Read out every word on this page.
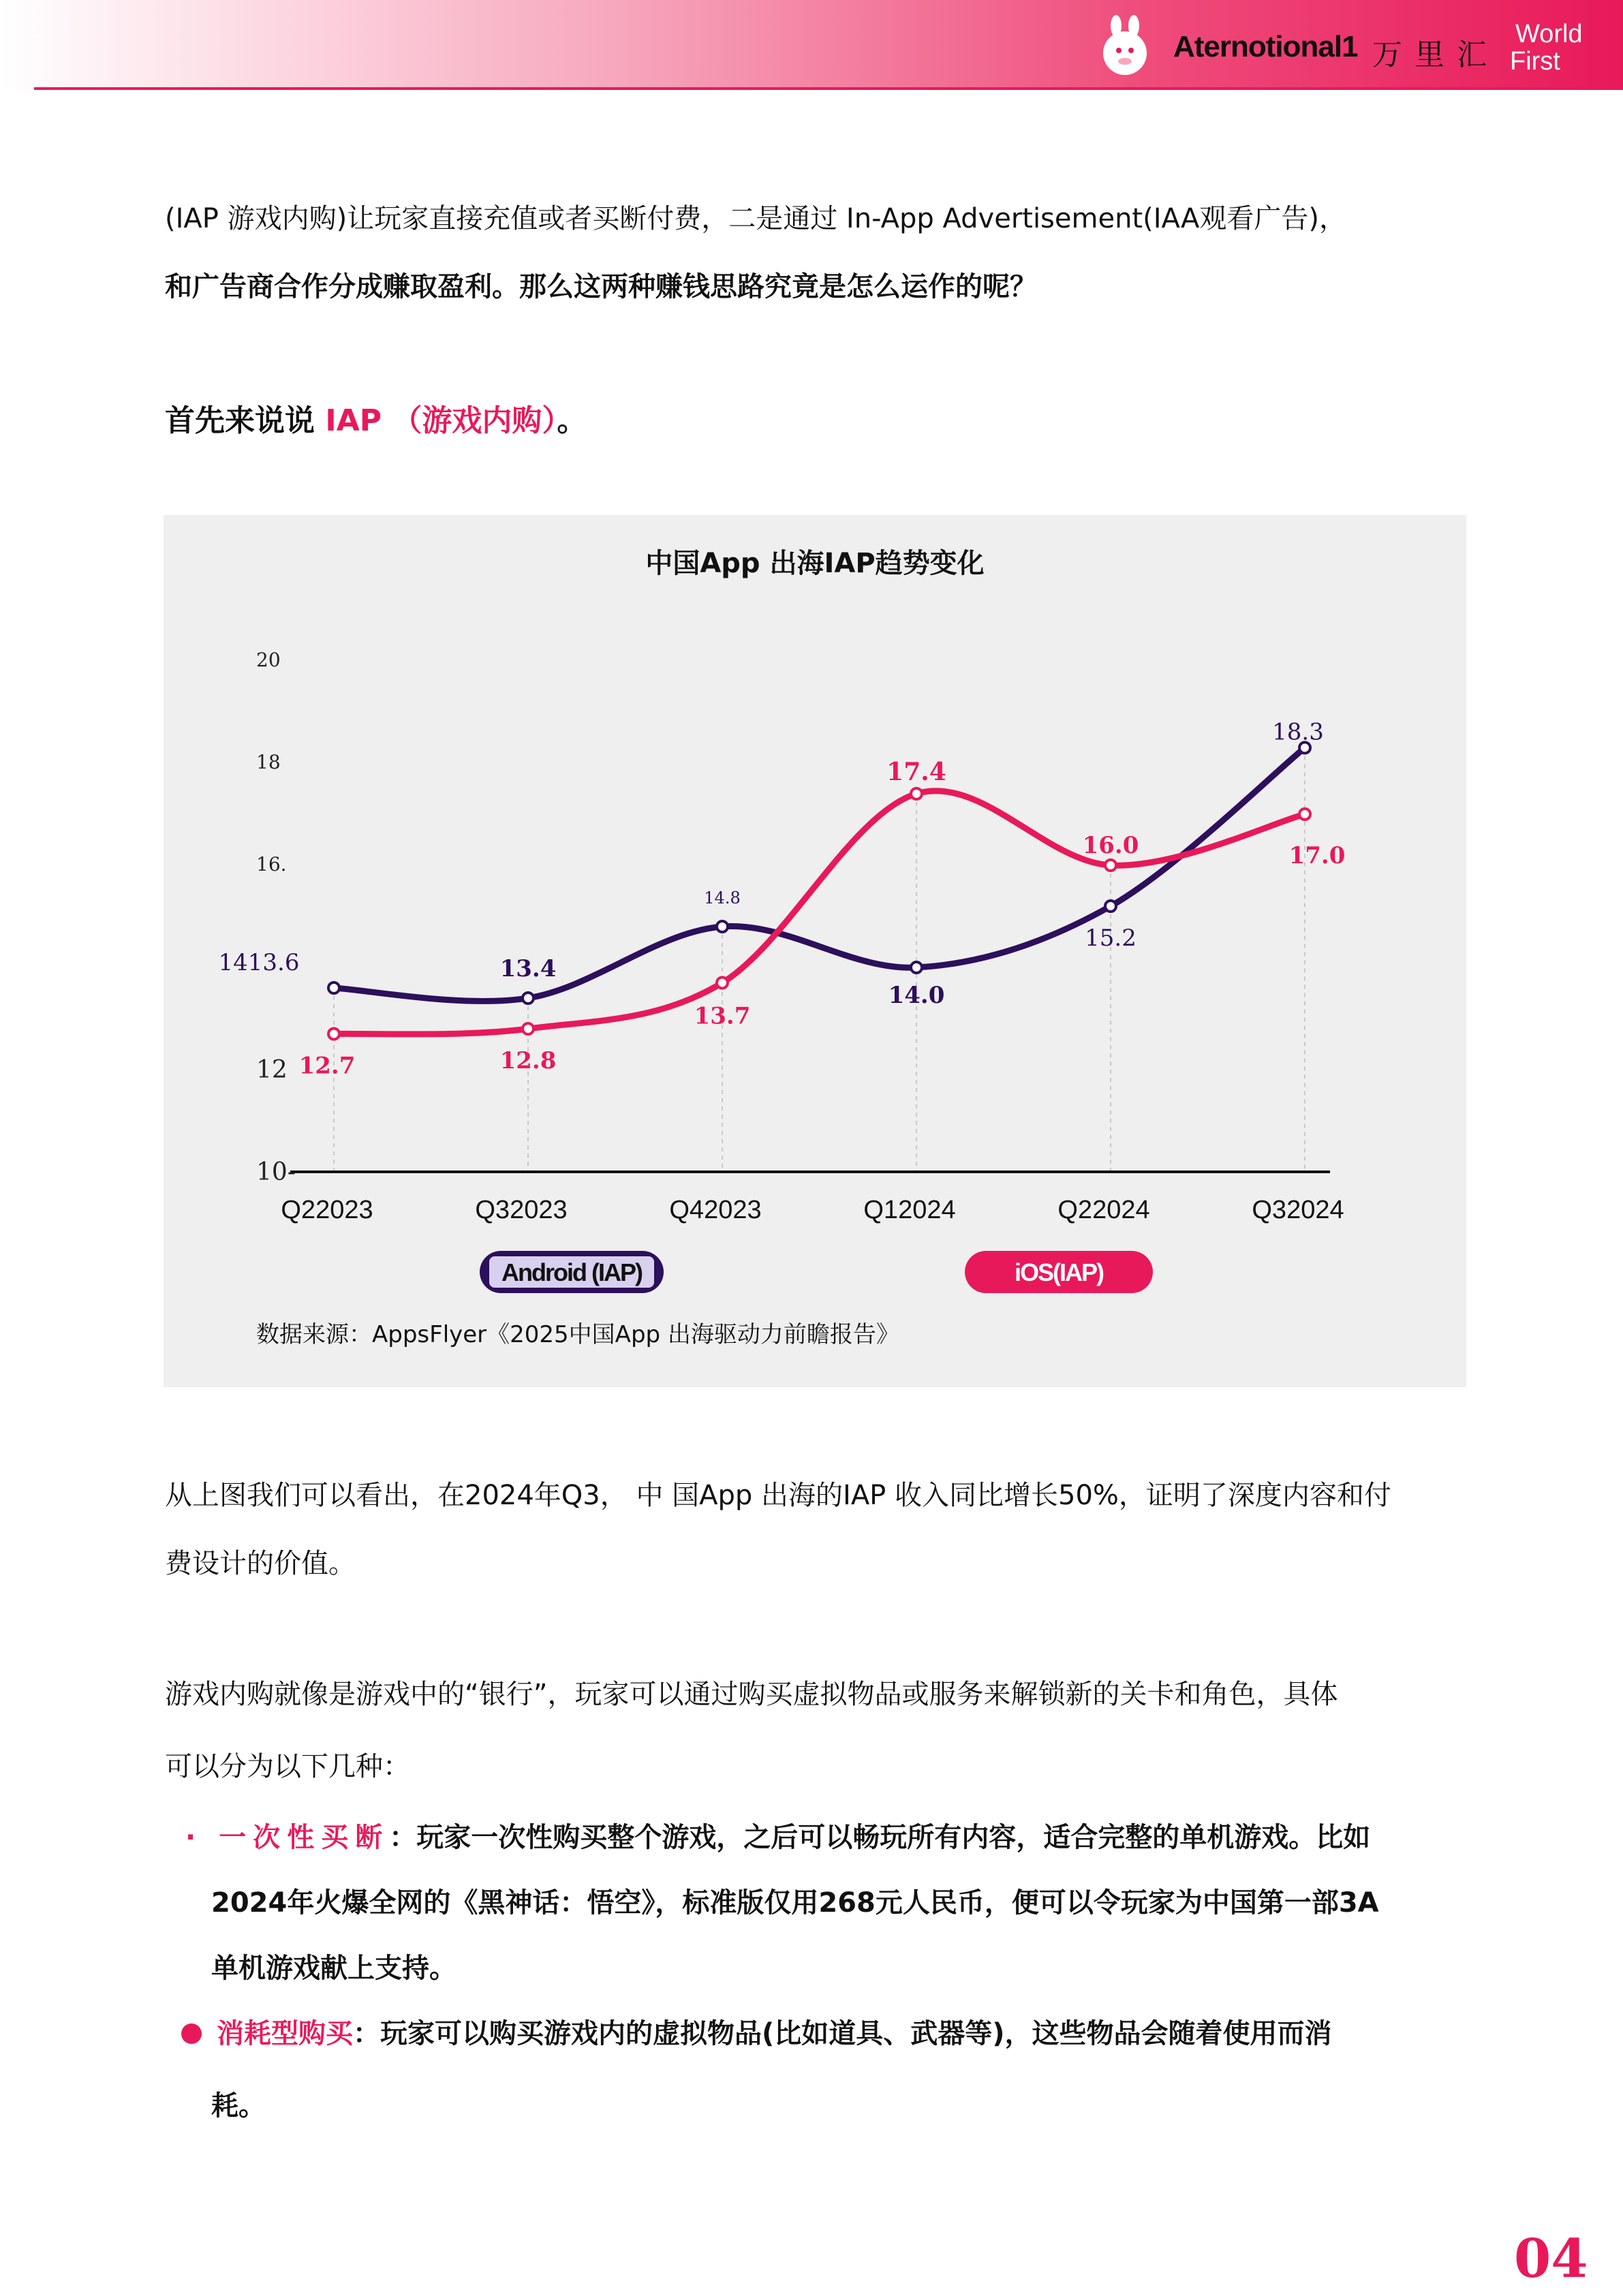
Aternotional1 万里汇
World
First
(IAP 游戏内购)让玩家直接充值或者买断付费，二是通过 In-App Advertisement(IAA观看广告)，
和广告商合作分成赚取盈利。那么这两种赚钱思路究竟是怎么运作的呢？
首先来说说 IAP （游戏内购）。
中国App 出海IAP趋势变化
20
18
16.
12
10-
Q22023	Q32023	Q42023	Q12024	Q22024	Q32024
1413.6	13.4
14.8
14.0
15.2
18.3
12.7	12.8
13.7
17.4
16.0	17.0
Android (IAP)	iOS(IAP)
数据来源：AppsFlyer《2025中国App 出海驱动力前瞻报告》
从上图我们可以看出，在2024年Q3， 中 国App 出海的IAP 收入同比增长50%，证明了深度内容和付
费设计的价值。
游戏内购就像是游戏中的“银行”，玩家可以通过购买虚拟物品或服务来解锁新的关卡和角色，具体
可以分为以下几种：
· 一次性买断：玩家一次性购买整个游戏，之后可以畅玩所有内容，适合完整的单机游戏。比如
2024年火爆全网的《黑神话：悟空》，标准版仅用268元人民币，便可以令玩家为中国第一部3A
单机游戏献上支持。
消耗型购买：玩家可以购买游戏内的虚拟物品(比如道具、武器等)，这些物品会随着使用而消
耗。
04
